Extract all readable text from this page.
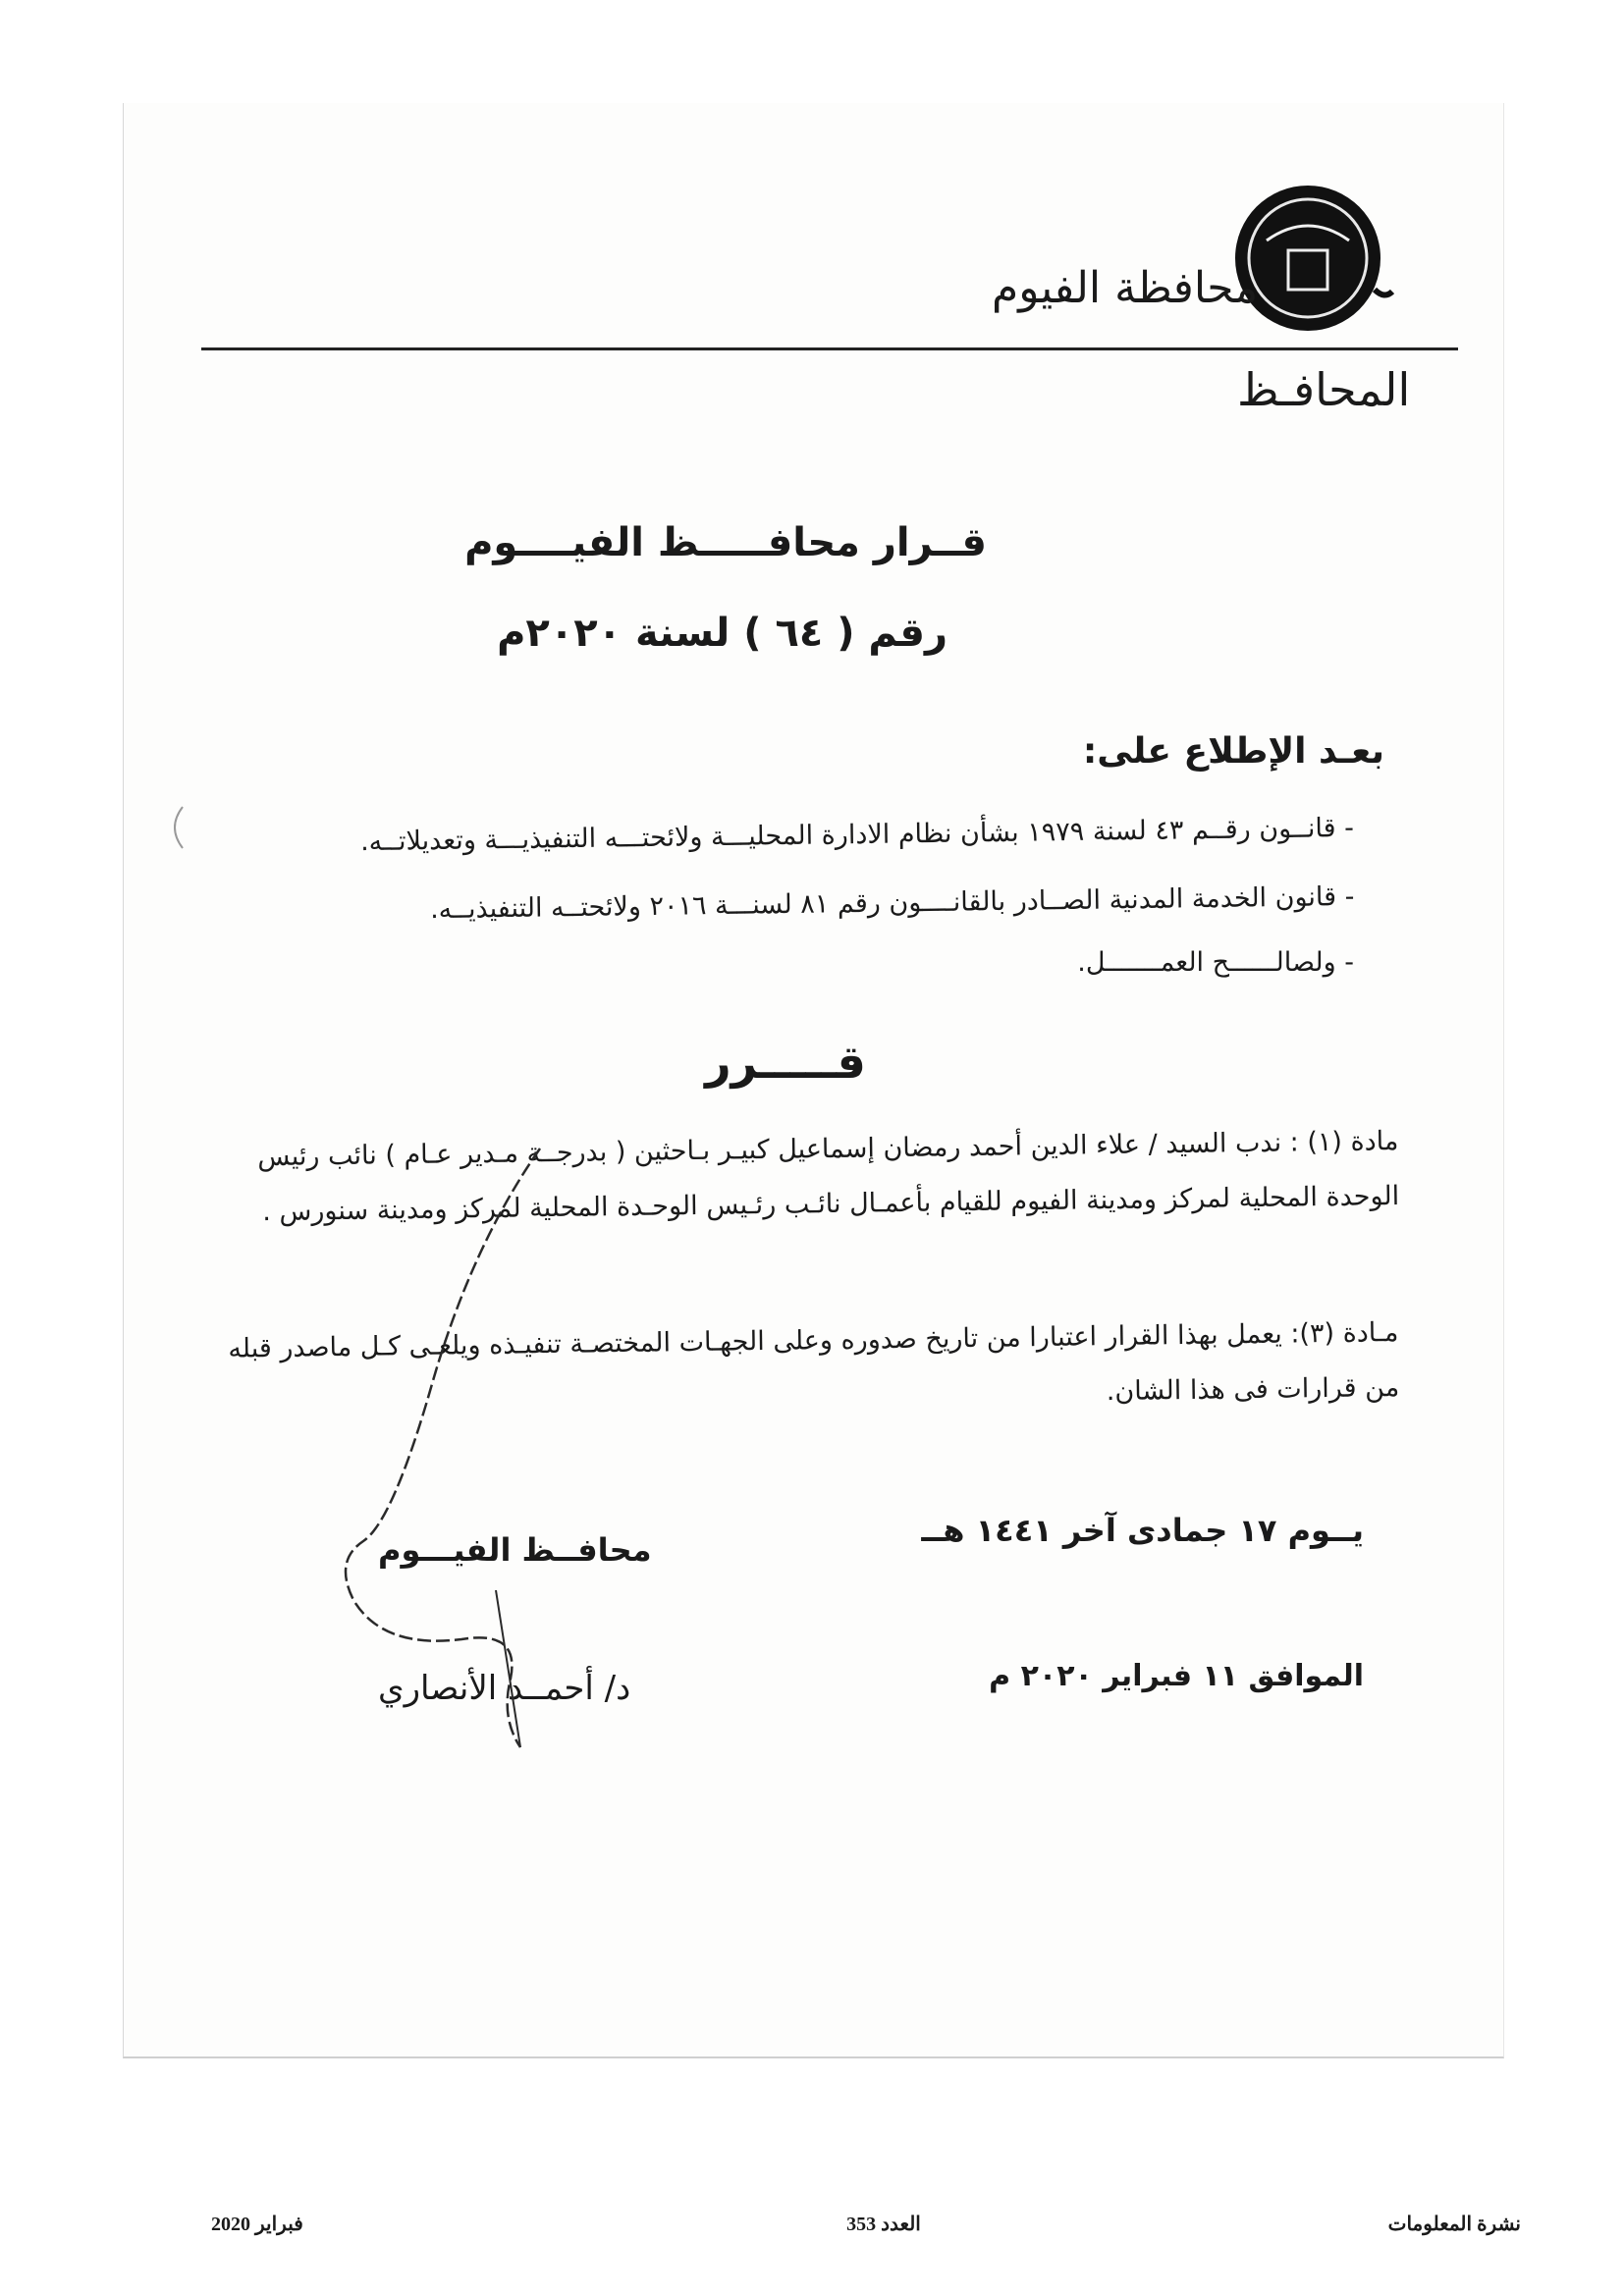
محافظة الفيوم
المحافـظ
قــرار محافـــــظ الفيــــوم
رقم ( ٦٤ ) لسنة ٢٠٢٠م
بعـد الإطلاع على:
- قانــون رقــم ٤٣ لسنة ١٩٧٩ بشأن نظام الادارة المحليـــة ولائحتـــه التنفيذيـــة وتعديلاتــه.
- قانون الخدمة المدنية الصــادر بالقانــــون رقم ٨١ لسنـــة ٢٠١٦ ولائحتــه التنفيذيــه.
- ولصالــــــح العمـــــــل.
قـــــرر
مادة (١) : ندب السيد / علاء الدين أحمد رمضان إسماعيل كبيـر بـاحثين ( بدرجــة مـدير عـام ) نائب رئيس الوحدة المحلية لمركز ومدينة الفيوم للقيام بأعمـال نائـب رئـيس الوحـدة المحلية لمركز ومدينة سنورس .
مـادة (٣): يعمل بهذا القرار اعتبارا من تاريخ صدوره وعلى الجهـات المختصـة تنفيـذه ويلغـى كـل ماصدر قبله من قرارات فى هذا الشان.
يــوم ١٧ جمادى آخر ١٤٤١ هــ
الموافق ١١ فبراير ٢٠٢٠ م
محافــظ الفيـــوم
د/ أحمــد الأنصاري
نشرة المعلومات
العدد 353
فبراير 2020
